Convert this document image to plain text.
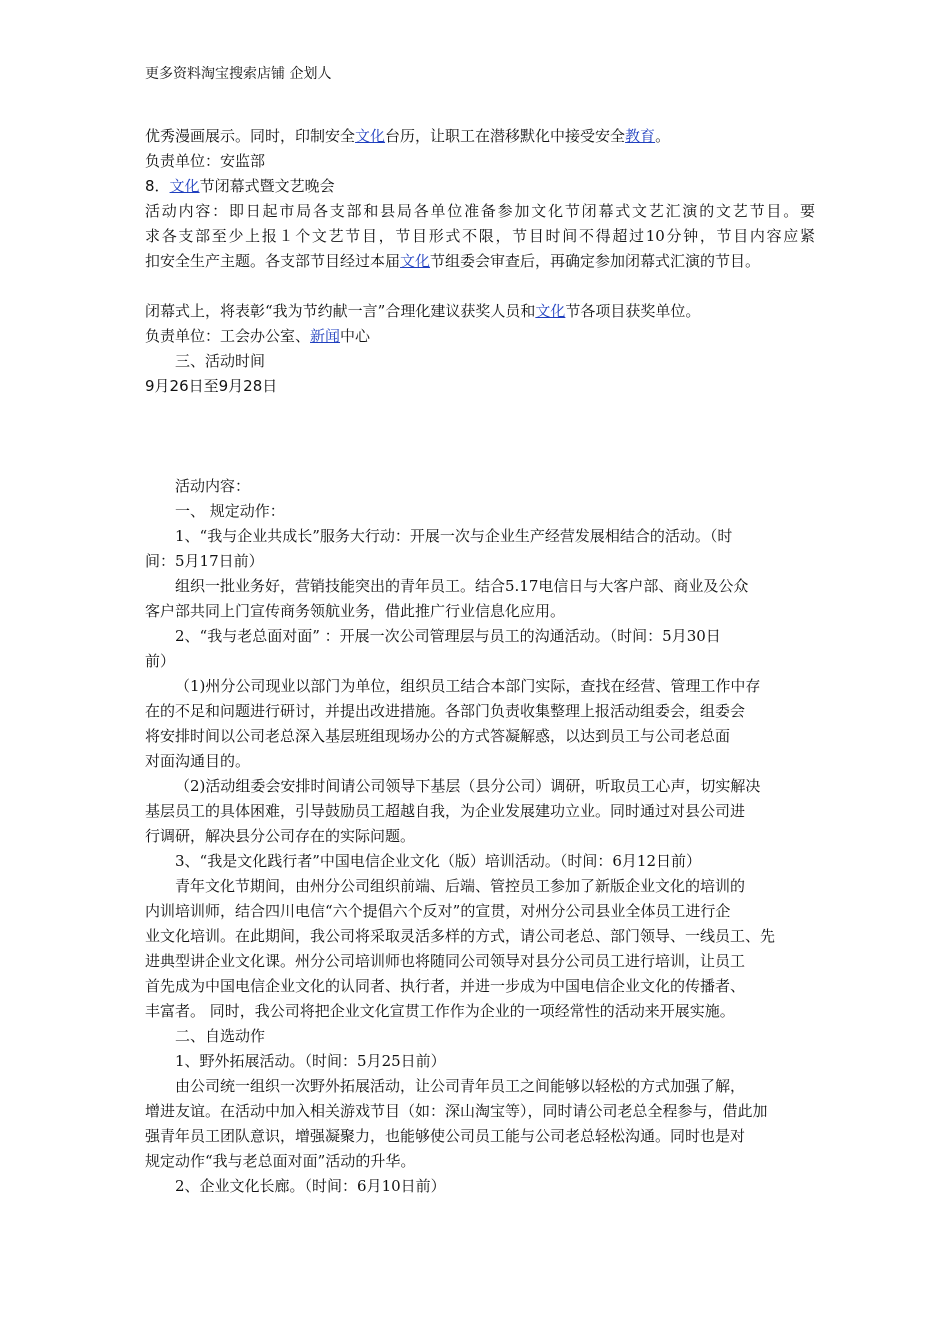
更多资料淘宝搜索店铺 企划人

优秀漫画展示。同时，印制安全文化台历，让职工在潜移默化中接受安全教育。

负责单位：安监部

8．文化节闭幕式暨文艺晚会

活动内容：即日起市局各支部和县局各单位准备参加文化节闭幕式文艺汇演的文艺节目。要

求各支部至少上报１个文艺节目，节目形式不限，节目时间不得超过10分钟，节目内容应紧

扣安全生产主题。各支部节目经过本届文化节组委会审查后，再确定参加闭幕式汇演的节目。

闭幕式上，将表彰“我为节约献一言”合理化建议获奖人员和文化节各项目获奖单位。

负责单位：工会办公室、新闻中心

三、活动时间

9月26日至9月28日

活动内容：

一、 规定动作：

1、“我与企业共成长”服务大行动：开展一次与企业生产经营发展相结合的活动。（时

间：5月17日前）

组织一批业务好，营销技能突出的青年员工。结合5.17电信日与大客户部、商业及公众

客户部共同上门宣传商务领航业务，借此推广行业信息化应用。

2、“我与老总面对面” ：开展一次公司管理层与员工的沟通活动。（时间：5月30日

前）

（1)州分公司现业以部门为单位，组织员工结合本部门实际，查找在经营、管理工作中存

在的不足和问题进行研讨，并提出改进措施。各部门负责收集整理上报活动组委会，组委会

将安排时间以公司老总深入基层班组现场办公的方式答凝解惑，以达到员工与公司老总面

对面沟通目的。

（2)活动组委会安排时间请公司领导下基层（县分公司）调研，听取员工心声，切实解决

基层员工的具体困难，引导鼓励员工超越自我，为企业发展建功立业。同时通过对县公司进

行调研，解决县分公司存在的实际问题。

3、“我是文化践行者”中国电信企业文化（版）培训活动。（时间：6月12日前）

青年文化节期间，由州分公司组织前端、后端、管控员工参加了新版企业文化的培训的

内训培训师，结合四川电信“六个提倡六个反对”的宣贯，对州分公司县业全体员工进行企

业文化培训。在此期间，我公司将采取灵活多样的方式，请公司老总、部门领导、一线员工、先

进典型讲企业文化课。州分公司培训师也将随同公司领导对县分公司员工进行培训，让员工

首先成为中国电信企业文化的认同者、执行者，并进一步成为中国电信企业文化的传播者、

丰富者。 同时，我公司将把企业文化宣贯工作作为企业的一项经常性的活动来开展实施。

二、自选动作

1、野外拓展活动。（时间：5月25日前）

由公司统一组织一次野外拓展活动，让公司青年员工之间能够以轻松的方式加强了解，

增进友谊。在活动中加入相关游戏节目（如：深山淘宝等），同时请公司老总全程参与，借此加

强青年员工团队意识，增强凝聚力，也能够使公司员工能与公司老总轻松沟通。同时也是对

规定动作“我与老总面对面”活动的升华。

2、企业文化长廊。（时间：6月10日前）
